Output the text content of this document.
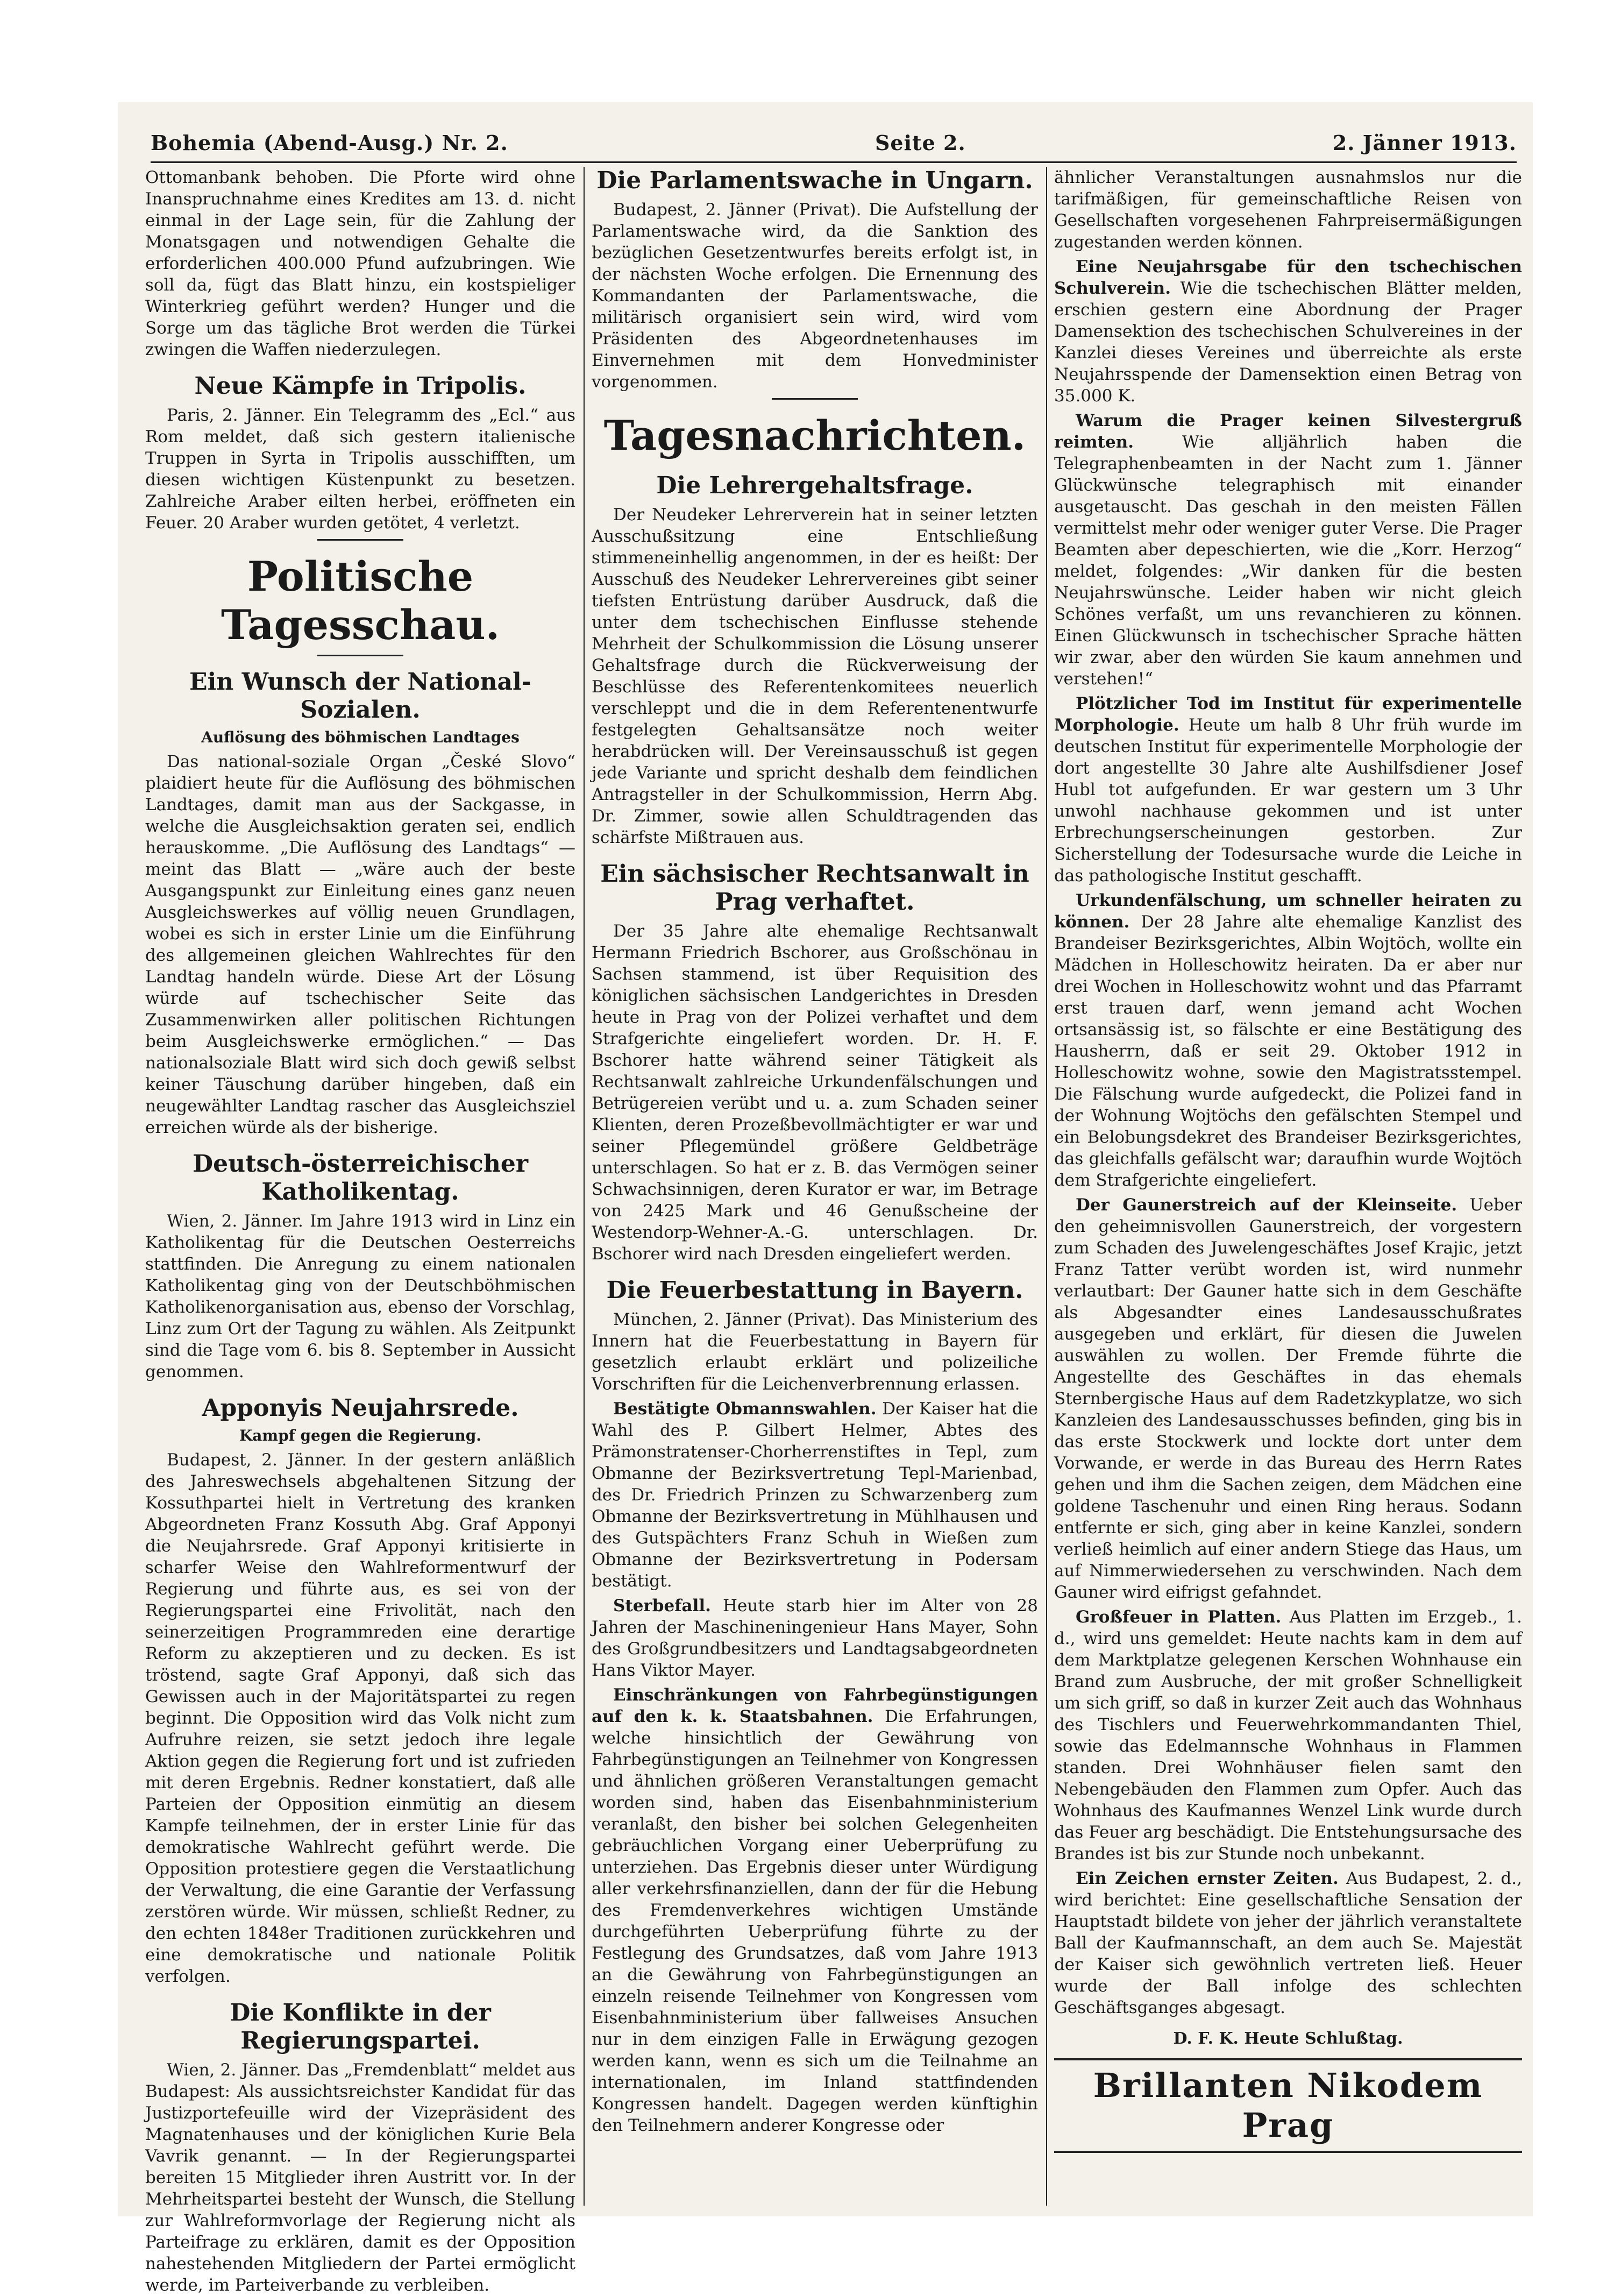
Bohemia (Abend-Ausg.) Nr. 2.	Seite 2.	2. Jänner 1913.

Ottomanbank behoben. Die Pforte wird ohne Inanspruchnahme eines Kredites am 13. d. nicht einmal in der Lage sein, für die Zahlung der Monatsgagen und notwendigen Gehalte die erforderlichen 400.000 Pfund aufzubringen. Wie soll da, fügt das Blatt hinzu, ein kostspieliger Winterkrieg geführt werden? Hunger und die Sorge um das tägliche Brot werden die Türkei zwingen die Waffen niederzulegen.

Neue Kämpfe in Tripolis.

Paris, 2. Jänner. Ein Telegramm des „Ecl.“ aus Rom meldet, daß sich gestern italienische Truppen in Syrta in Tripolis ausschifften, um diesen wichtigen Küstenpunkt zu besetzen. Zahlreiche Araber eilten herbei, eröffneten ein Feuer. 20 Araber wurden getötet, 4 verletzt.

Politische Tagesschau.
Ein Wunsch der National-Sozialen.
Auflösung des böhmischen Landtages

Das national-soziale Organ „České Slovo“ plaidiert heute für die Auflösung des böhmischen Landtages, damit man aus der Sackgasse, in welche die Ausgleichsaktion geraten sei, endlich herauskomme. „Die Auflösung des Landtags“ — meint das Blatt — „wäre auch der beste Ausgangspunkt zur Einleitung eines ganz neuen Ausgleichswerkes auf völlig neuen Grundlagen, wobei es sich in erster Linie um die Einführung des allgemeinen gleichen Wahlrechtes für den Landtag handeln würde. Diese Art der Lösung würde auf tschechischer Seite das Zusammenwirken aller politischen Richtungen beim Ausgleichswerke ermöglichen.“ — Das nationalsoziale Blatt wird sich doch gewiß selbst keiner Täuschung darüber hingeben, daß ein neugewählter Landtag rascher das Ausgleichsziel erreichen würde als der bisherige.

Deutsch-österreichischer Katholikentag.

Wien, 2. Jänner. Im Jahre 1913 wird in Linz ein Katholikentag für die Deutschen Oesterreichs stattfinden. Die Anregung zu einem nationalen Katholikentag ging von der Deutschböhmischen Katholikenorganisation aus, ebenso der Vorschlag, Linz zum Ort der Tagung zu wählen. Als Zeitpunkt sind die Tage vom 6. bis 8. September in Aussicht genommen.

Apponyis Neujahrsrede.
Kampf gegen die Regierung.

Budapest, 2. Jänner. In der gestern anläßlich des Jahreswechsels abgehaltenen Sitzung der Kossuthpartei hielt in Vertretung des kranken Abgeordneten Franz Kossuth Abg. Graf Apponyi die Neujahrsrede. Graf Apponyi kritisierte in scharfer Weise den Wahlreformentwurf der Regierung und führte aus, es sei von der Regierungspartei eine Frivolität, nach den seinerzeitigen Programmreden eine derartige Reform zu akzeptieren und zu decken. Es ist tröstend, sagte Graf Apponyi, daß sich das Gewissen auch in der Majoritätspartei zu regen beginnt. Die Opposition wird das Volk nicht zum Aufruhre reizen, sie setzt jedoch ihre legale Aktion gegen die Regierung fort und ist zufrieden mit deren Ergebnis. Redner konstatiert, daß alle Parteien der Opposition einmütig an diesem Kampfe teilnehmen, der in erster Linie für das demokratische Wahlrecht geführt werde. Die Opposition protestiere gegen die Verstaatlichung der Verwaltung, die eine Garantie der Verfassung zerstören würde. Wir müssen, schließt Redner, zu den echten 1848er Traditionen zurückkehren und eine demokratische und nationale Politik verfolgen.

Die Konflikte in der Regierungspartei.

Wien, 2. Jänner. Das „Fremdenblatt“ meldet aus Budapest: Als aussichtsreichster Kandidat für das Justizportefeuille wird der Vizepräsident des Magnatenhauses und der königlichen Kurie Bela Vavrik genannt. — In der Regierungspartei bereiten 15 Mitglieder ihren Austritt vor. In der Mehrheitspartei besteht der Wunsch, die Stellung zur Wahlreformvorlage der Regierung nicht als Parteifrage zu erklären, damit es der Opposition nahestehenden Mitgliedern der Partei ermöglicht werde, im Parteiverbande zu verbleiben.

Die Parlamentswache in Ungarn.

Budapest, 2. Jänner (Privat). Die Aufstellung der Parlamentswache wird, da die Sanktion des bezüglichen Gesetzentwurfes bereits erfolgt ist, in der nächsten Woche erfolgen. Die Ernennung des Kommandanten der Parlamentswache, die militärisch organisiert sein wird, wird vom Präsidenten des Abgeordnetenhauses im Einvernehmen mit dem Honvedminister vorgenommen.

Tagesnachrichten.
Die Lehrergehaltsfrage.

Der Neudeker Lehrerverein hat in seiner letzten Ausschußsitzung eine Entschließung stimmeneinhellig angenommen, in der es heißt: Der Ausschuß des Neudeker Lehrervereines gibt seiner tiefsten Entrüstung darüber Ausdruck, daß die unter dem tschechischen Einflusse stehende Mehrheit der Schulkommission die Lösung unserer Gehaltsfrage durch die Rückverweisung der Beschlüsse des Referentenkomitees neuerlich verschleppt und die in dem Referentenentwurfe festgelegten Gehaltsansätze noch weiter herabdrücken will. Der Vereinsausschuß ist gegen jede Variante und spricht deshalb dem feindlichen Antragsteller in der Schulkommission, Herrn Abg. Dr. Zimmer, sowie allen Schuldtragenden das schärfste Mißtrauen aus.

Ein sächsischer Rechtsanwalt in Prag verhaftet.

Der 35 Jahre alte ehemalige Rechtsanwalt Hermann Friedrich Bschorer, aus Großschönau in Sachsen stammend, ist über Requisition des königlichen sächsischen Landgerichtes in Dresden heute in Prag von der Polizei verhaftet und dem Strafgerichte eingeliefert worden. Dr. H. F. Bschorer hatte während seiner Tätigkeit als Rechtsanwalt zahlreiche Urkundenfälschungen und Betrügereien verübt und u. a. zum Schaden seiner Klienten, deren Prozeßbevollmächtigter er war und seiner Pflegemündel größere Geldbeträge unterschlagen. So hat er z. B. das Vermögen seiner Schwachsinnigen, deren Kurator er war, im Betrage von 2425 Mark und 46 Genußscheine der Westendorp-Wehner-A.-G. unterschlagen. Dr. Bschorer wird nach Dresden eingeliefert werden.

Die Feuerbestattung in Bayern.

München, 2. Jänner (Privat). Das Ministerium des Innern hat die Feuerbestattung in Bayern für gesetzlich erlaubt erklärt und polizeiliche Vorschriften für die Leichenverbrennung erlassen.

Bestätigte Obmannswahlen. Der Kaiser hat die Wahl des P. Gilbert Helmer, Abtes des Prämonstratenser-Chorherrenstiftes in Tepl, zum Obmanne der Bezirksvertretung Tepl-Marienbad, des Dr. Friedrich Prinzen zu Schwarzenberg zum Obmanne der Bezirksvertretung in Mühlhausen und des Gutspächters Franz Schuh in Wießen zum Obmanne der Bezirksvertretung in Podersam bestätigt.

Sterbefall. Heute starb hier im Alter von 28 Jahren der Maschineningenieur Hans Mayer, Sohn des Großgrundbesitzers und Landtagsabgeordneten Hans Viktor Mayer.

Einschränkungen von Fahrbegünstigungen auf den k. k. Staatsbahnen. Die Erfahrungen, welche hinsichtlich der Gewährung von Fahrbegünstigungen an Teilnehmer von Kongressen und ähnlichen größeren Veranstaltungen gemacht worden sind, haben das Eisenbahnministerium veranlaßt, den bisher bei solchen Gelegenheiten gebräuchlichen Vorgang einer Ueberprüfung zu unterziehen. Das Ergebnis dieser unter Würdigung aller verkehrsfinanziellen, dann der für die Hebung des Fremdenverkehres wichtigen Umstände durchgeführten Ueberprüfung führte zu der Festlegung des Grundsatzes, daß vom Jahre 1913 an die Gewährung von Fahrbegünstigungen an einzeln reisende Teilnehmer von Kongressen vom Eisenbahnministerium über fallweises Ansuchen nur in dem einzigen Falle in Erwägung gezogen werden kann, wenn es sich um die Teilnahme an internationalen, im Inland stattfindenden Kongressen handelt. Dagegen werden künftighin den Teilnehmern anderer Kongresse oder

ähnlicher Veranstaltungen ausnahmslos nur die tarifmäßigen, für gemeinschaftliche Reisen von Gesellschaften vorgesehenen Fahrpreisermäßigungen zugestanden werden können.

Eine Neujahrsgabe für den tschechischen Schulverein. Wie die tschechischen Blätter melden, erschien gestern eine Abordnung der Prager Damensektion des tschechischen Schulvereines in der Kanzlei dieses Vereines und überreichte als erste Neujahrsspende der Damensektion einen Betrag von 35.000 K.

Warum die Prager keinen Silvestergruß reimten.	Wie alljährlich haben die Telegraphenbeamten in der Nacht zum 1. Jänner Glückwünsche telegraphisch mit einander ausgetauscht. Das geschah in den meisten Fällen vermittelst mehr oder weniger guter Verse. Die Prager Beamten aber depeschierten, wie die „Korr. Herzog“ meldet, folgendes: „Wir danken für die besten Neujahrswünsche. Leider haben wir nicht gleich Schönes verfaßt, um uns revanchieren zu können. Einen Glückwunsch in tschechischer Sprache hätten wir zwar, aber den würden Sie kaum annehmen und verstehen!“

Plötzlicher Tod im Institut für experimentelle Morphologie. Heute um halb 8 Uhr früh wurde im deutschen Institut für experimentelle Morphologie der dort angestellte 30 Jahre alte Aushilfsdiener Josef Hubl tot aufgefunden. Er war gestern um 3 Uhr unwohl nachhause gekommen und ist unter Erbrechungserscheinungen gestorben. Zur Sicherstellung der Todesursache wurde die Leiche in das pathologische Institut geschafft.

Urkundenfälschung, um schneller heiraten zu können. Der 28 Jahre alte ehemalige Kanzlist des Brandeiser Bezirksgerichtes, Albin Wojtöch, wollte ein Mädchen in Holleschowitz heiraten. Da er aber nur drei Wochen in Holleschowitz wohnt und das Pfarramt erst trauen darf, wenn jemand acht Wochen ortsansässig ist, so fälschte er eine Bestätigung des Hausherrn, daß er seit 29. Oktober 1912 in Holleschowitz wohne, sowie den Magistratsstempel. Die Fälschung wurde aufgedeckt, die Polizei fand in der Wohnung Wojtöchs den gefälschten Stempel und ein Belobungsdekret des Brandeiser Bezirksgerichtes, das gleichfalls gefälscht war; daraufhin wurde Wojtöch dem Strafgerichte eingeliefert.

Der Gaunerstreich auf der Kleinseite. Ueber den geheimnisvollen Gaunerstreich, der vorgestern zum Schaden des Juwelengeschäftes Josef Krajic, jetzt Franz Tatter verübt worden ist, wird nunmehr verlautbart: Der Gauner hatte sich in dem Geschäfte als Abgesandter eines Landesausschußrates ausgegeben und erklärt, für diesen die Juwelen auswählen zu wollen. Der Fremde führte die Angestellte des Geschäftes in das ehemals Sternbergische Haus auf dem Radetzkyplatze, wo sich Kanzleien des Landesausschusses befinden, ging bis in das erste Stockwerk und lockte dort unter dem Vorwande, er werde in das Bureau des Herrn Rates gehen und ihm die Sachen zeigen, dem Mädchen eine goldene Taschenuhr und einen Ring heraus. Sodann entfernte er sich, ging aber in keine Kanzlei, sondern verließ heimlich auf einer andern Stiege das Haus, um auf Nimmerwiedersehen zu verschwinden. Nach dem Gauner wird eifrigst gefahndet.

Großfeuer in Platten. Aus Platten im Erzgeb., 1. d., wird uns gemeldet: Heute nachts kam in dem auf dem Marktplatze gelegenen Kerschen Wohnhause ein Brand zum Ausbruche, der mit großer Schnelligkeit um sich griff, so daß in kurzer Zeit auch das Wohnhaus des Tischlers und Feuerwehrkommandanten Thiel, sowie das Edelmannsche Wohnhaus in Flammen standen. Drei Wohnhäuser fielen samt den Nebengebäuden den Flammen zum Opfer. Auch das Wohnhaus des Kaufmannes Wenzel Link wurde durch das Feuer arg beschädigt. Die Entstehungsursache des Brandes ist bis zur Stunde noch unbekannt.

Ein Zeichen ernster Zeiten. Aus Budapest, 2. d., wird berichtet: Eine gesellschaftliche Sensation der Hauptstadt bildete von jeher der jährlich veranstaltete Ball der Kaufmannschaft, an dem auch Se. Majestät der Kaiser sich gewöhnlich vertreten ließ. Heuer wurde der Ball infolge des schlechten Geschäftsganges abgesagt.

D. F. K. Heute Schlußtag.
Brillanten Nikodem Prag
